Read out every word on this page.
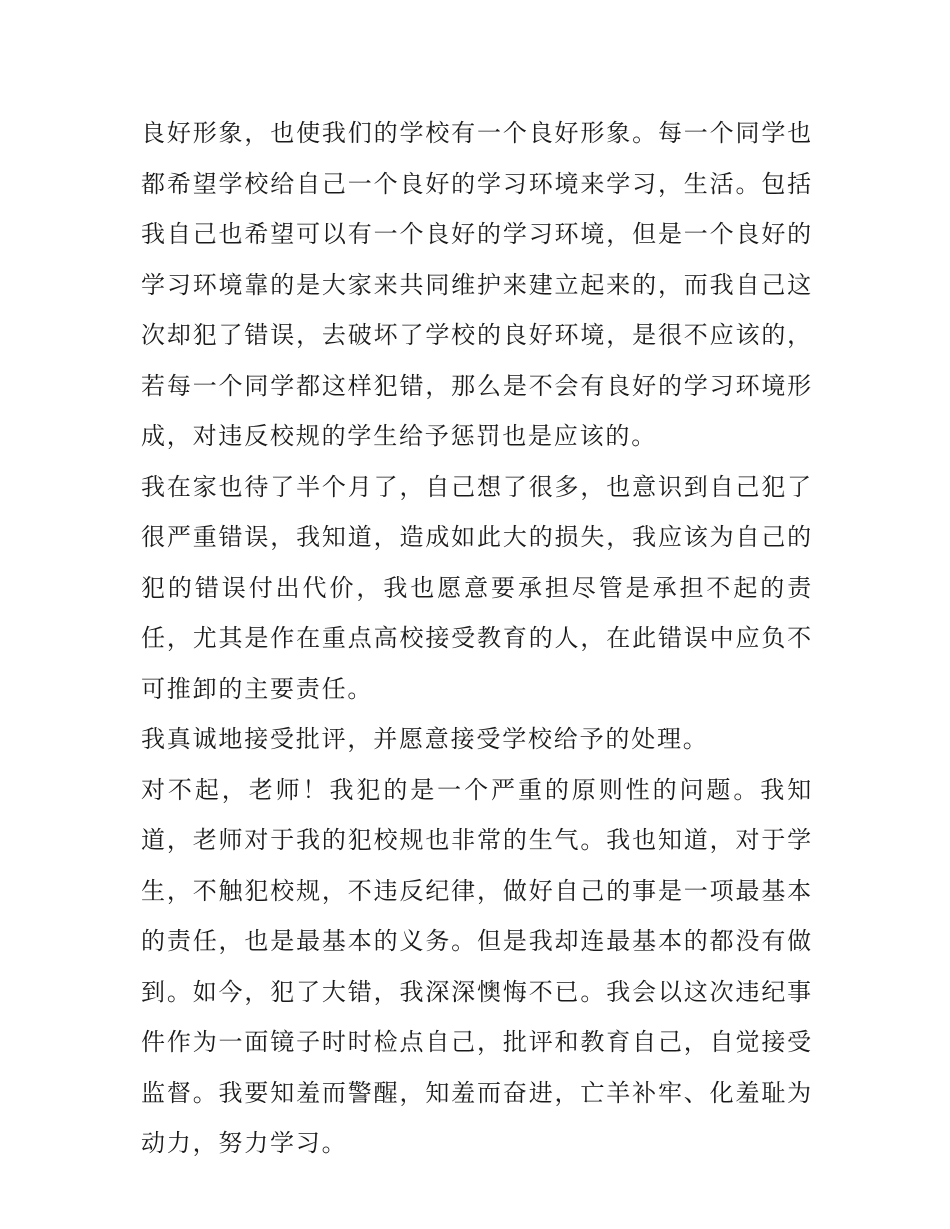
良好形象，也使我们的学校有一个良好形象。每一个同学也都希望学校给自己一个良好的学习环境来学习，生活。包括我自己也希望可以有一个良好的学习环境，但是一个良好的学习环境靠的是大家来共同维护来建立起来的，而我自己这次却犯了错误，去破坏了学校的良好环境，是很不应该的，若每一个同学都这样犯错，那么是不会有良好的学习环境形成，对违反校规的学生给予惩罚也是应该的。

我在家也待了半个月了，自己想了很多，也意识到自己犯了很严重错误，我知道，造成如此大的损失，我应该为自己的犯的错误付出代价，我也愿意要承担尽管是承担不起的责任，尤其是作在重点高校接受教育的人，在此错误中应负不可推卸的主要责任。

我真诚地接受批评，并愿意接受学校给予的处理。

对不起，老师！我犯的是一个严重的原则性的问题。我知道，老师对于我的犯校规也非常的生气。我也知道，对于学生，不触犯校规，不违反纪律，做好自己的事是一项最基本的责任，也是最基本的义务。但是我却连最基本的都没有做到。如今，犯了大错，我深深懊悔不已。我会以这次违纪事件作为一面镜子时时检点自己，批评和教育自己，自觉接受监督。我要知羞而警醒，知羞而奋进，亡羊补牢、化羞耻为动力，努力学习。
